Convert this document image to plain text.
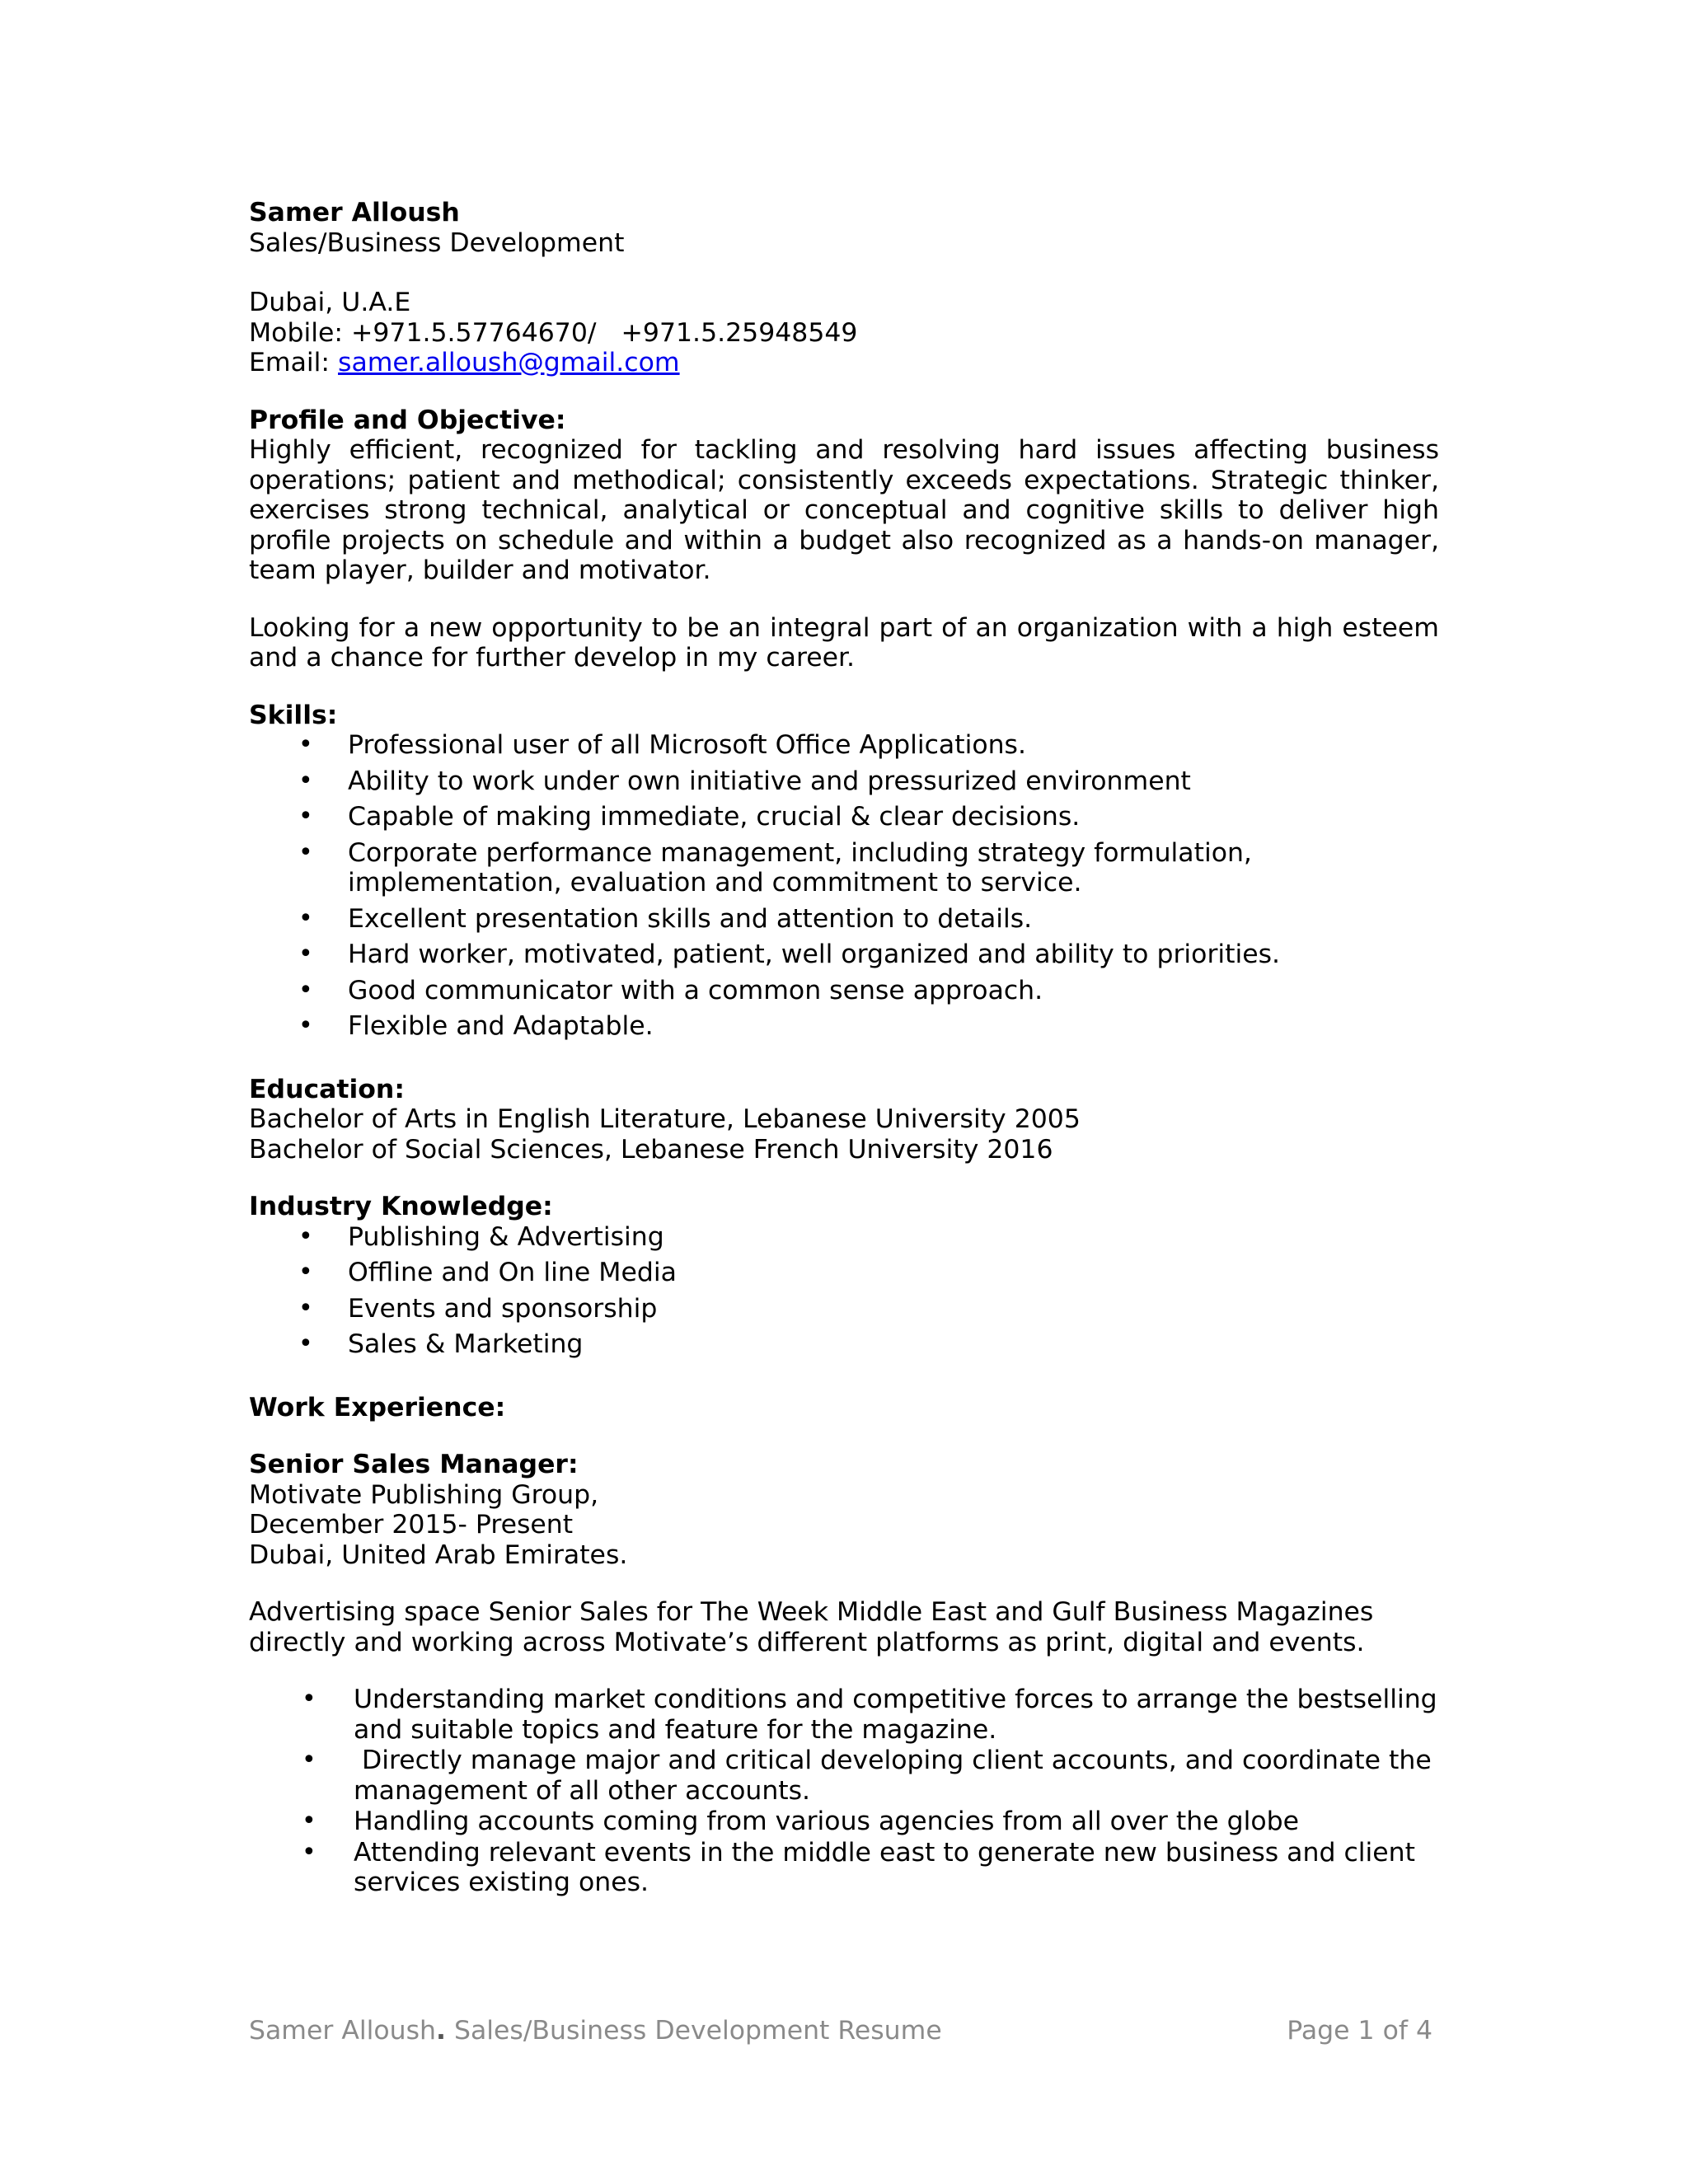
Samer Alloush
Sales/Business Development
Dubai, U.A.E
Mobile: +971.5.57764670/   +971.5.25948549
Email: samer.alloush@gmail.com
Profile and Objective:
Highly efficient, recognized for tackling and resolving hard issues affecting business operations; patient and methodical; consistently exceeds expectations. Strategic thinker, exercises strong technical, analytical or conceptual and cognitive skills to deliver high profile projects on schedule and within a budget also recognized as a hands-on manager, team player, builder and motivator.
Looking for a new opportunity to be an integral part of an organization with a high esteem and a chance for further develop in my career.
Skills:
• Professional user of all Microsoft Office Applications.
• Ability to work under own initiative and pressurized environment
• Capable of making immediate, crucial & clear decisions.
• Corporate performance management, including strategy formulation, implementation, evaluation and commitment to service.
• Excellent presentation skills and attention to details.
• Hard worker, motivated, patient, well organized and ability to priorities.
• Good communicator with a common sense approach.
• Flexible and Adaptable.
Education:
Bachelor of Arts in English Literature, Lebanese University 2005
Bachelor of Social Sciences, Lebanese French University 2016
Industry Knowledge:
• Publishing & Advertising
• Offline and On line Media
• Events and sponsorship
• Sales & Marketing
Work Experience:
Senior Sales Manager:
Motivate Publishing Group,
December 2015- Present
Dubai, United Arab Emirates.
Advertising space Senior Sales for The Week Middle East and Gulf Business Magazines directly and working across Motivate’s different platforms as print, digital and events.
• Understanding market conditions and competitive forces to arrange the bestselling and suitable topics and feature for the magazine.
• Directly manage major and critical developing client accounts, and coordinate the management of all other accounts.
• Handling accounts coming from various agencies from all over the globe
• Attending relevant events in the middle east to generate new business and client services existing ones.
Samer Alloush. Sales/Business Development Resume	Page 1 of 4
